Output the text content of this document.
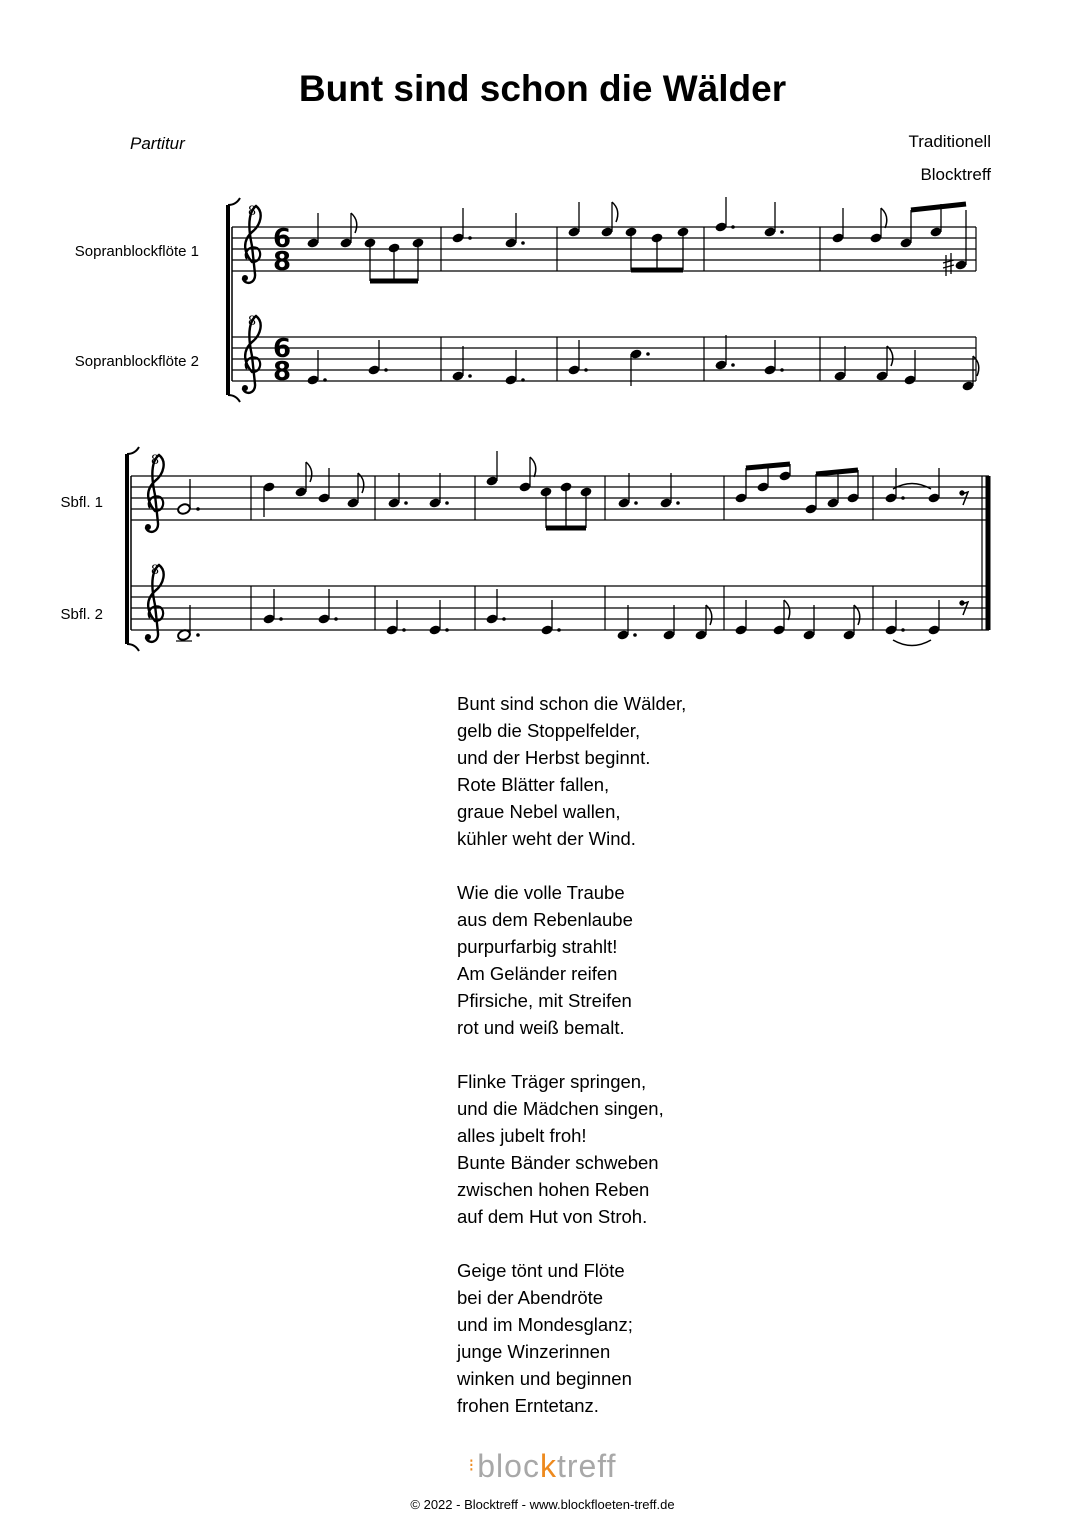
Bunt sind schon die Wälder
Partitur	Traditionell
Blocktreff
Sopranblockflöte 1
Sopranblockflöte 2
Sbfl. 1
Sbfl. 2
8
8
6
8
6
8
8
8
Bunt sind schon die Wälder,
gelb die Stoppelfelder,
und der Herbst beginnt.
Rote Blätter fallen,
graue Nebel wallen,
kühler weht der Wind.
Wie die volle Traube
aus dem Rebenlaube
purpurfarbig strahlt!
Am Geländer reifen
Pfirsiche, mit Streifen
rot und weiß bemalt.
Flinke Träger springen,
und die Mädchen singen,
alles jubelt froh!
Bunte Bänder schweben
zwischen hohen Reben
auf dem Hut von Stroh.
Geige tönt und Flöte
bei der Abendröte
und im Mondesglanz;
junge Winzerinnen
winken und beginnen
frohen Erntetanz.
⁝blocktreff
© 2022 - Blocktreff - www.blockfloeten-treff.de
